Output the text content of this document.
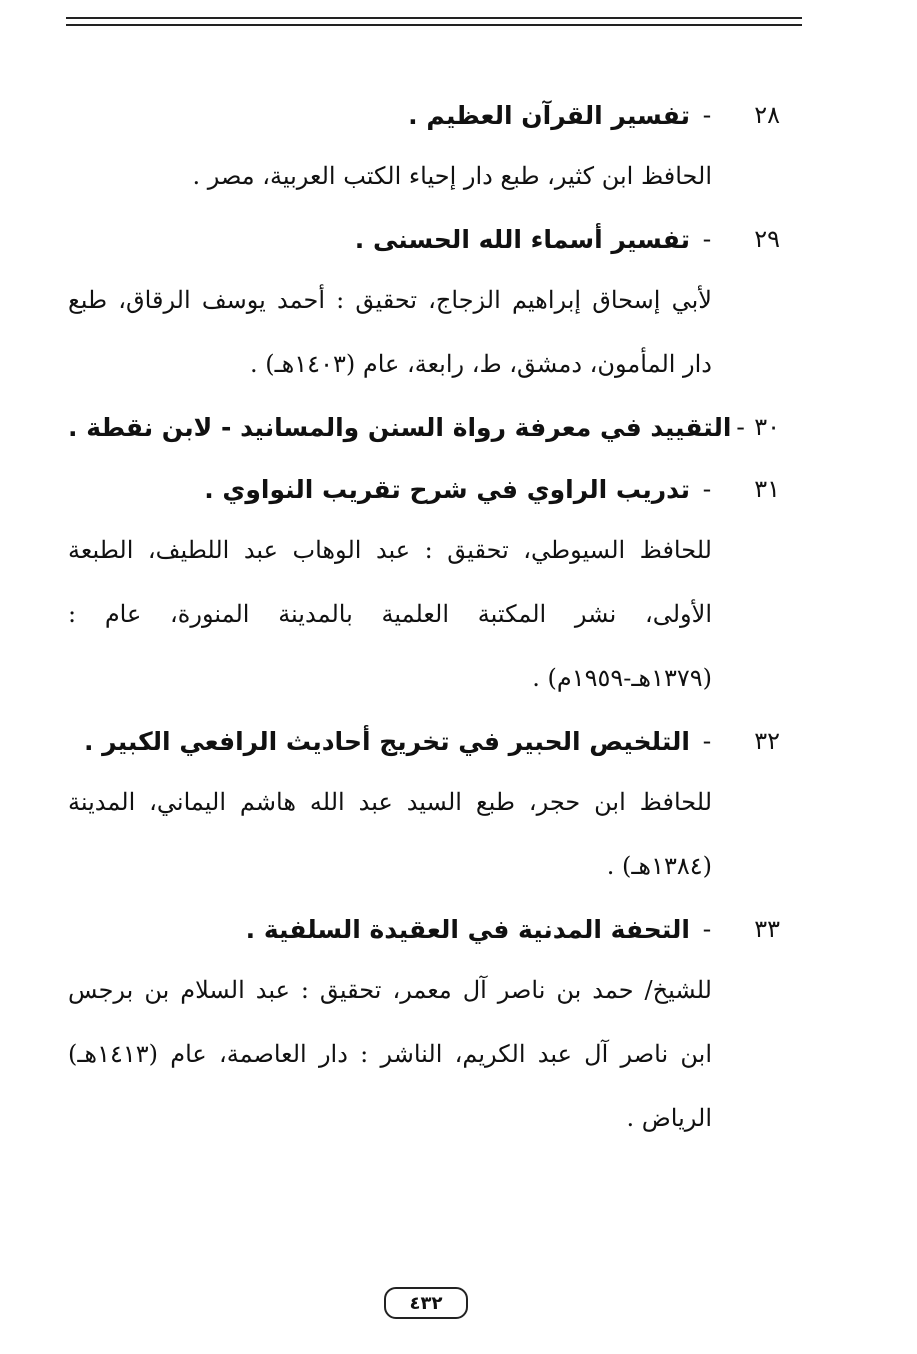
٢٨
-
تفسير القرآن العظيم .
الحافظ ابن كثير، طبع دار إحياء الكتب العربية، مصر .
٢٩
-
تفسير أسماء الله الحسنى .
لأبي إسحاق إبراهيم الزجاج، تحقيق : أحمد يوسف الرقاق، طبع دار المأمون، دمشق، ط، رابعة، عام (١٤٠٣هـ) .
٣٠
-
التقييد في معرفة رواة السنن والمسانيد - لابن نقطة .
٣١
-
تدريب الراوي في شرح تقريب النواوي .
للحافظ السيوطي، تحقيق : عبد الوهاب عبد اللطيف، الطبعة الأولى، نشر المكتبة العلمية بالمدينة المنورة، عام : (١٣٧٩هـ-١٩٥٩م) .
٣٢
-
التلخيص الحبير في تخريج أحاديث الرافعي الكبير .
للحافظ ابن حجر، طبع السيد عبد الله هاشم اليماني، المدينة (١٣٨٤هـ) .
٣٣
-
التحفة المدنية في العقيدة السلفية .
للشيخ/ حمد بن ناصر آل معمر، تحقيق : عبد السلام بن برجس ابن ناصر آل عبد الكريم، الناشر : دار العاصمة، عام (١٤١٣هـ) الرياض .
٤٣٢
